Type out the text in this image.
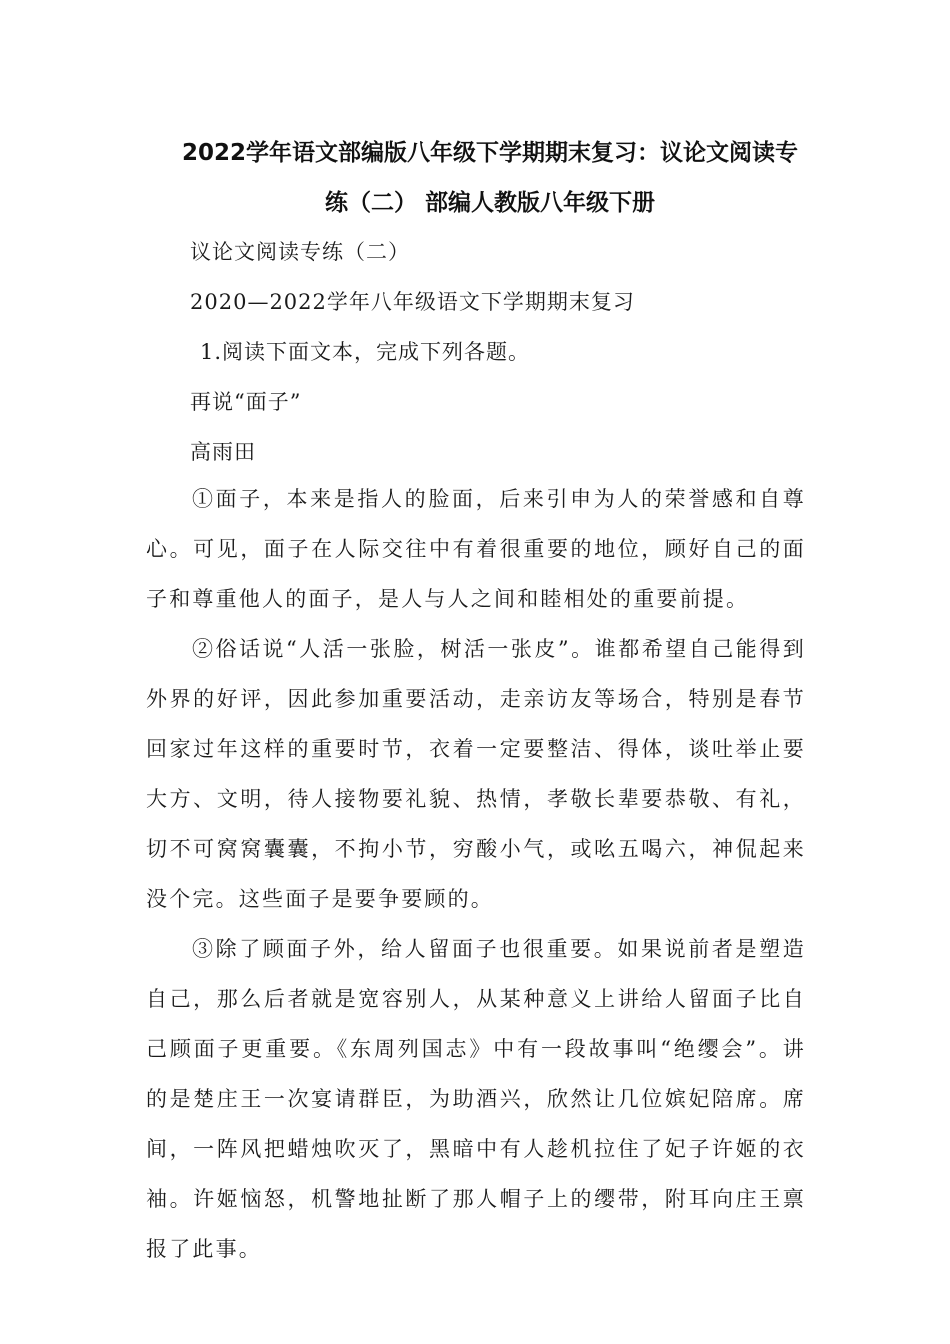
2022学年语文部编版八年级下学期期末复习：议论文阅读专
练（二） 部编人教版八年级下册
议论文阅读专练（二）
2020—2022学年八年级语文下学期期末复习
1.阅读下面文本，完成下列各题。
再说“面子”
高雨田
①面子，本来是指人的脸面，后来引申为人的荣誉感和自尊心。可见，面子在人际交往中有着很重要的地位，顾好自己的面子和尊重他人的面子，是人与人之间和睦相处的重要前提。
②俗话说“人活一张脸，树活一张皮”。谁都希望自己能得到外界的好评，因此参加重要活动，走亲访友等场合，特别是春节回家过年这样的重要时节，衣着一定要整洁、得体，谈吐举止要大方、文明，待人接物要礼貌、热情，孝敬长辈要恭敬、有礼，切不可窝窝囊囊，不拘小节，穷酸小气，或吆五喝六，神侃起来没个完。这些面子是要争要顾的。
③除了顾面子外，给人留面子也很重要。如果说前者是塑造自己，那么后者就是宽容别人，从某种意义上讲给人留面子比自己顾面子更重要。《东周列国志》中有一段故事叫“绝缨会”。讲的是楚庄王一次宴请群臣，为助酒兴，欣然让几位嫔妃陪席。席间，一阵风把蜡烛吹灭了，黑暗中有人趁机拉住了妃子许姬的衣袖。许姬恼怒，机警地扯断了那人帽子上的缨带，附耳向庄王禀报了此事。
